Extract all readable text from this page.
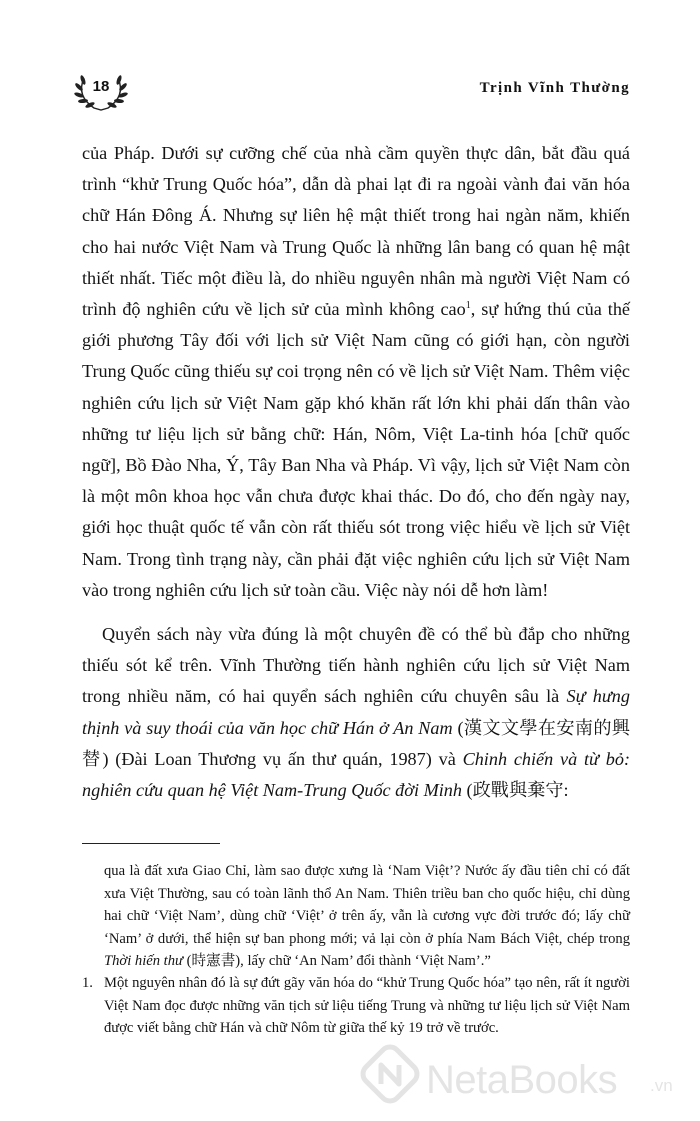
18	Trịnh Vĩnh Thường

của Pháp. Dưới sự cưỡng chế của nhà cầm quyền thực dân, bắt đầu quá trình “khử Trung Quốc hóa”, dẫn dà phai lạt đi ra ngoài vành đai văn hóa chữ Hán Đông Á. Nhưng sự liên hệ mật thiết trong hai ngàn năm, khiến cho hai nước Việt Nam và Trung Quốc là những lân bang có quan hệ mật thiết nhất. Tiếc một điều là, do nhiều nguyên nhân mà người Việt Nam có trình độ nghiên cứu về lịch sử của mình không cao$^1$, sự hứng thú của thế giới phương Tây đối với lịch sử Việt Nam cũng có giới hạn, còn người Trung Quốc cũng thiếu sự coi trọng nên có về lịch sử Việt Nam. Thêm việc nghiên cứu lịch sử Việt Nam gặp khó khăn rất lớn khi phải dấn thân vào những tư liệu lịch sử bằng chữ: Hán, Nôm, Việt La-tinh hóa [chữ quốc ngữ], Bồ Đào Nha, Ý, Tây Ban Nha và Pháp. Vì vậy, lịch sử Việt Nam còn là một môn khoa học vẫn chưa được khai thác. Do đó, cho đến ngày nay, giới học thuật quốc tế vẫn còn rất thiếu sót trong việc hiểu về lịch sử Việt Nam. Trong tình trạng này, cần phải đặt việc nghiên cứu lịch sử Việt Nam vào trong nghiên cứu lịch sử toàn cầu. Việc này nói dễ hơn làm!

Quyển sách này vừa đúng là một chuyên đề có thể bù đắp cho những thiếu sót kể trên. Vĩnh Thường tiến hành nghiên cứu lịch sử Việt Nam trong nhiều năm, có hai quyển sách nghiên cứu chuyên sâu là Sự hưng thịnh và suy thoái của văn học chữ Hán ở An Nam (漢文文學在安南的興替) (Đài Loan Thương vụ ấn thư quán, 1987) và Chinh chiến và từ bỏ: nghiên cứu quan hệ Việt Nam-Trung Quốc đời Minh (政戰與棄守:

qua là đất xưa Giao Chỉ, làm sao được xưng là ‘Nam Việt’? Nước ấy đầu tiên chỉ có đất xưa Việt Thường, sau có toàn lãnh thổ An Nam. Thiên triều ban cho quốc hiệu, chỉ dùng hai chữ ‘Việt Nam’, dùng chữ ‘Việt’ ở trên ấy, vẫn là cương vực đời trước đó; lấy chữ ‘Nam’ ở dưới, thể hiện sự ban phong mới; vả lại còn ở phía Nam Bách Việt, chép trong Thời hiến thư (時憲書), lấy chữ ‘An Nam’ đổi thành ‘Việt Nam’.”

1. Một nguyên nhân đó là sự đứt gãy văn hóa do “khử Trung Quốc hóa” tạo nên, rất ít người Việt Nam đọc được những văn tịch sử liệu tiếng Trung và những tư liệu lịch sử Việt Nam được viết bằng chữ Hán và chữ Nôm từ giữa thế kỷ 19 trở về trước.
NetaBooks .vn
